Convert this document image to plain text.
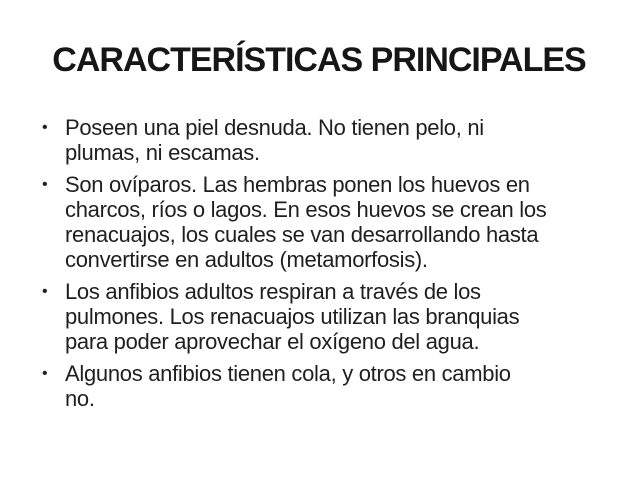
CARACTERÍSTICAS PRINCIPALES
• Poseen una piel desnuda. No tienen pelo, ni
plumas, ni escamas.
• Son ovíparos. Las hembras ponen los huevos en
charcos, ríos o lagos. En esos huevos se crean los
renacuajos, los cuales se van desarrollando hasta
convertirse en adultos (metamorfosis).
• Los anfibios adultos respiran a través de los
pulmones. Los renacuajos utilizan las branquias
para poder aprovechar el oxígeno del agua.
• Algunos anfibios tienen cola, y otros en cambio
no.
